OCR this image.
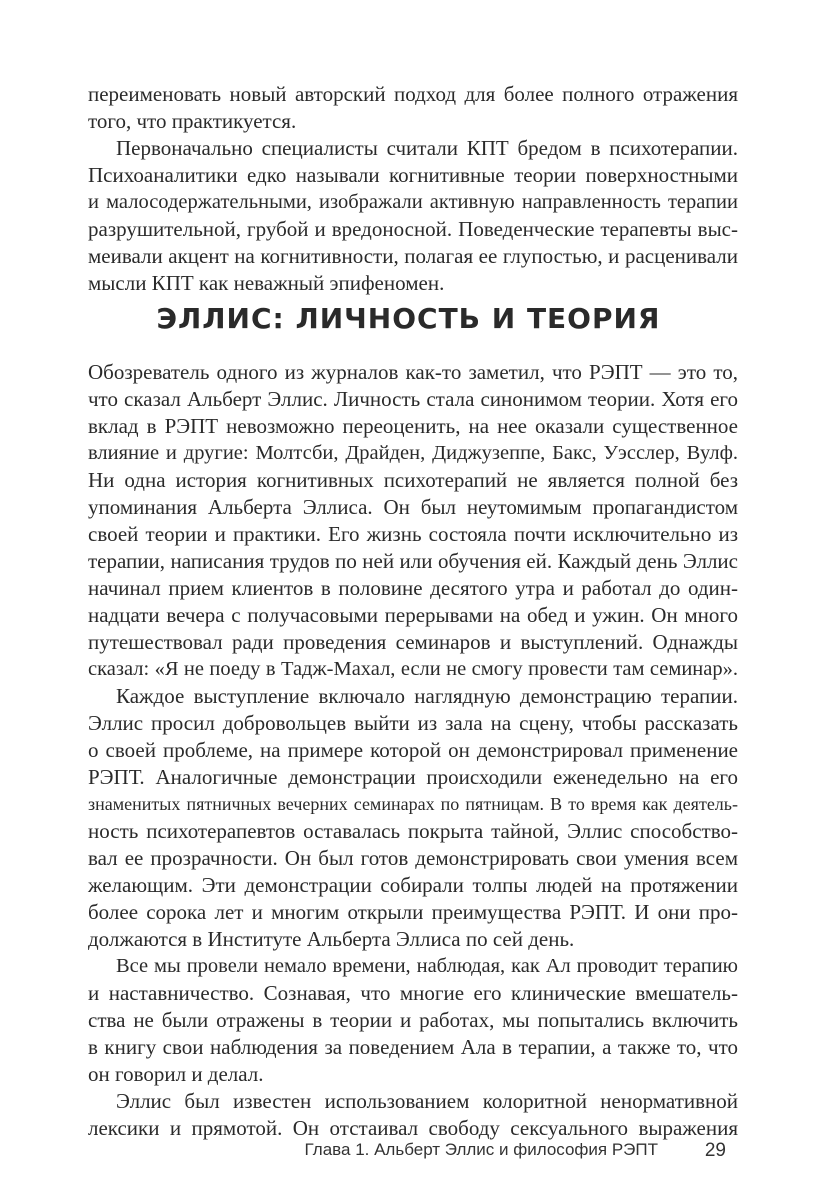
переименовать новый авторский подход для более полного отражения
того, что практикуется.
Первоначально специалисты считали КПТ бредом в психотерапии.
Психоаналитики едко называли когнитивные теории поверхностными
и малосодержательными, изображали активную направленность терапии
разрушительной, грубой и вредоносной. Поведенческие терапевты выс-
меивали акцент на когнитивности, полагая ее глупостью, и расценивали
мысли КПТ как неважный эпифеномен.
ЭЛЛИС: ЛИЧНОСТЬ И ТЕОРИЯ
Обозреватель одного из журналов как-то заметил, что РЭПТ — это то,
что сказал Альберт Эллис. Личность стала синонимом теории. Хотя его
вклад в РЭПТ невозможно переоценить, на нее оказали существенное
влияние и другие: Молтсби, Драйден, Диджузеппе, Бакс, Уэсслер, Вулф.
Ни одна история когнитивных психотерапий не является полной без
упоминания Альберта Эллиса. Он был неутомимым пропагандистом
своей теории и практики. Его жизнь состояла почти исключительно из
терапии, написания трудов по ней или обучения ей. Каждый день Эллис
начинал прием клиентов в половине десятого утра и работал до один-
надцати вечера с получасовыми перерывами на обед и ужин. Он много
путешествовал ради проведения семинаров и выступлений. Однажды
сказал: «Я не поеду в Тадж-Махал, если не смогу провести там семинар».
Каждое выступление включало наглядную демонстрацию терапии.
Эллис просил добровольцев выйти из зала на сцену, чтобы рассказать
о своей проблеме, на примере которой он демонстрировал применение
РЭПТ. Аналогичные демонстрации происходили еженедельно на его
знаменитых пятничных вечерних семинарах по пятницам. В то время как деятель-
ность психотерапевтов оставалась покрыта тайной, Эллис способство-
вал ее прозрачности. Он был готов демонстрировать свои умения всем
желающим. Эти демонстрации собирали толпы людей на протяжении
более сорока лет и многим открыли преимущества РЭПТ. И они про-
должаются в Институте Альберта Эллиса по сей день.
Все мы провели немало времени, наблюдая, как Ал проводит терапию
и наставничество. Сознавая, что многие его клинические вмешатель-
ства не были отражены в теории и работах, мы попытались включить
в книгу свои наблюдения за поведением Ала в терапии, а также то, что
он говорил и делал.
Эллис был известен использованием колоритной ненормативной
лексики и прямотой. Он отстаивал свободу сексуального выражения
Глава 1. Альберт Эллис и философия РЭПТ 29
